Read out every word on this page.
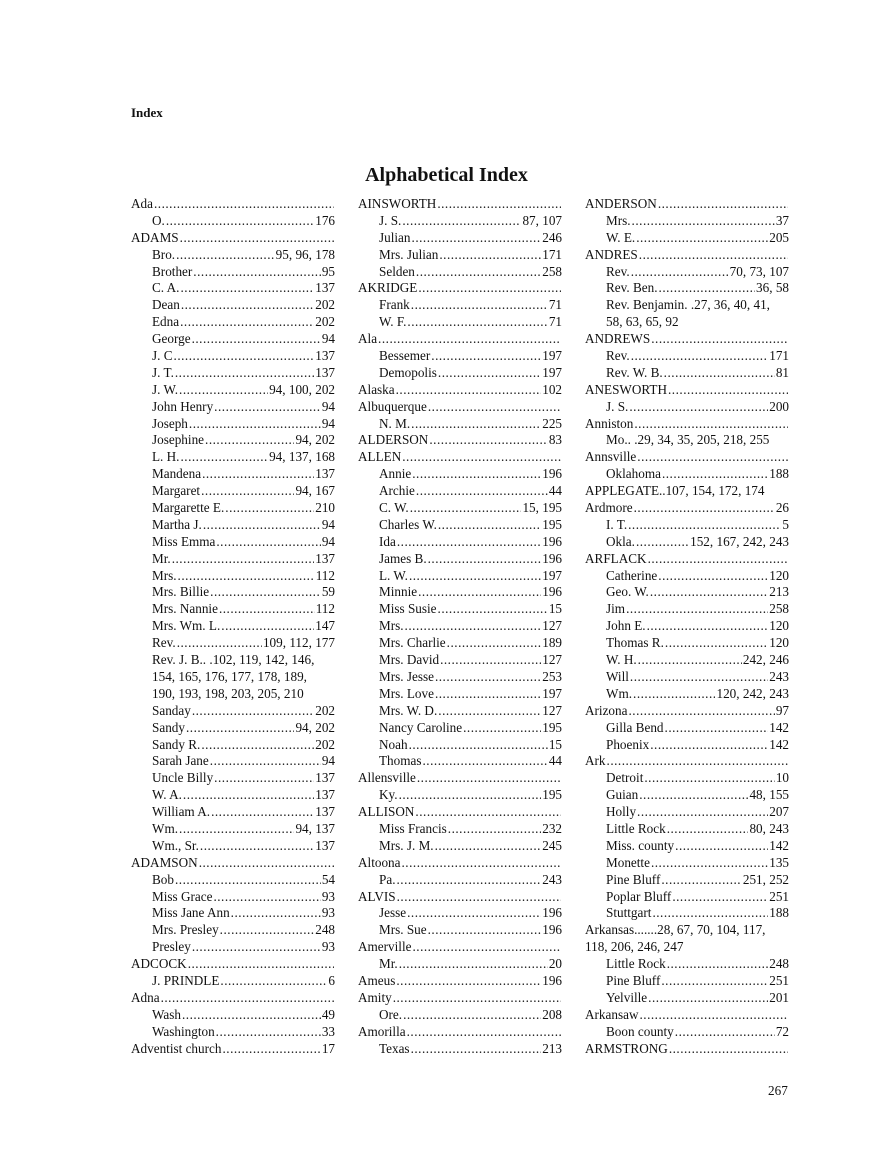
Index
Alphabetical Index
Ada
.....
O. .....	176
ADAMS
.....
Bro. .....	95, 96, 178
Brother .....	95
C. A. .....	137
Dean .....	202
Edna .....	202
George .....	94
J. C .....	137
J. T. .....	137
J. W. .....	94, 100, 202
John Henry .....	94
Joseph .....	94
Josephine .....	94, 202
L. H. .....	94, 137, 168
Mandena .....	137
Margaret .....	94, 167
Margarette E. .....	210
Martha J. .....	94
Miss Emma .....	94
Mr. .....	137
Mrs. .....	112
Mrs. Billie .....	59
Mrs. Nannie .....	112
Mrs. Wm. L. .....	147
Rev. .....	109, 112, 177
Rev. J. B.. .102, 119, 142, 146,
154, 165, 176, 177, 178, 189,
190, 193, 198, 203, 205, 210
Sanday .....	202
Sandy .....	94, 202
Sandy R. .....	202
Sarah Jane .....	94
Uncle Billy .....	137
W. A. .....	137
William A. .....	137
Wm. .....	94, 137
Wm., Sr. .....	137
ADAMSON
.....
Bob .....	54
Miss Grace .....	93
Miss Jane Ann .....	93
Mrs. Presley .....	248
Presley .....	93
ADCOCK
.....
J. PRINDLE .....	6
Adna
.....
Wash .....	49
Washington .....	33
Adventist church .....	17
AINSWORTH
.....
J. S. .....	87, 107
Julian .....	246
Mrs. Julian .....	171
Selden .....	258
AKRIDGE
.....
Frank .....	71
W. F. .....	71
Ala
.....
Bessemer .....	197
Demopolis .....	197
Alaska .....	102
Albuquerque
.....
N. M. .....	225
ALDERSON .....	83
ALLEN
.....
Annie .....	196
Archie .....	44
C. W. .....	15, 195
Charles W. .....	195
Ida .....	196
James B. .....	196
L. W. .....	197
Minnie .....	196
Miss Susie .....	15
Mrs. .....	127
Mrs. Charlie .....	189
Mrs. David .....	127
Mrs. Jesse .....	253
Mrs. Love .....	197
Mrs. W. D. .....	127
Nancy Caroline .....	195
Noah .....	15
Thomas .....	44
Allensville
.....
Ky. .....	195
ALLISON
.....
Miss Francis .....	232
Mrs. J. M. .....	245
Altoona
.....
Pa. .....	243
ALVIS
.....
Jesse .....	196
Mrs. Sue .....	196
Amerville
.....
Mr. .....	20
Ameus .....	196
Amity
.....
Ore. .....	208
Amorilla
.....
Texas .....	213
ANDERSON
.....
Mrs. .....	37
W. E. .....	205
ANDRES
.....
Rev. .....	70, 73, 107
Rev. Ben. .....	36, 58
Rev. Benjamin. .27, 36, 40, 41,
58, 63, 65, 92
ANDREWS
.....
Rev. .....	171
Rev. W. B. .....	81
ANESWORTH
.....
J. S. .....	200
Anniston
.....
Mo.. .29, 34, 35, 205, 218, 255
Annsville
.....
Oklahoma .....	188
APPLEGATE..107, 154, 172, 174
Ardmore .....	26
I. T. .....	5
Okla. .....	152, 167, 242, 243
ARFLACK
.....
Catherine .....	120
Geo. W. .....	213
Jim .....	258
John E. .....	120
Thomas R. .....	120
W. H. .....	242, 246
Will .....	243
Wm. .....	120, 242, 243
Arizona .....	97
Gilla Bend .....	142
Phoenix .....	142
Ark
.....
Detroit .....	10
Guian .....	48, 155
Holly .....	207
Little Rock .....	80, 243
Miss. county .....	142
Monette .....	135
Pine Bluff .....	251, 252
Poplar Bluff .....	251
Stuttgart .....	188
Arkansas.......28, 67, 70, 104, 117,
118, 206, 246, 247
Little Rock .....	248
Pine Bluff .....	251
Yelville .....	201
Arkansaw
.....
Boon county .....	72
ARMSTRONG
.....
267
